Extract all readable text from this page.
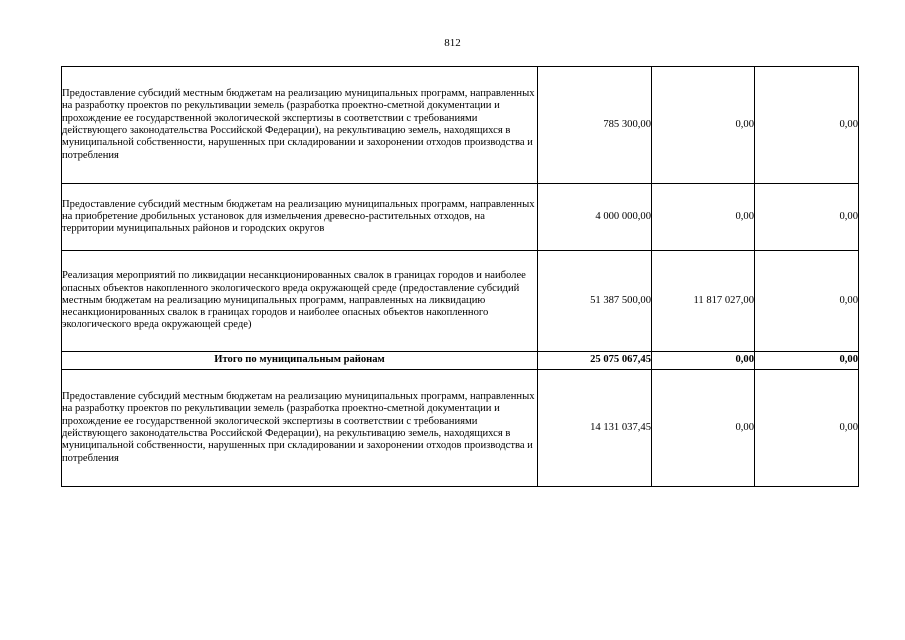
812
Предоставление субсидий местным бюджетам на реализацию муниципальных программ, направленных на разработку проектов по рекультивации земель (разработка проектно-сметной документации и прохождение ее государственной экологической экспертизы в соответствии с требованиями действующего законодательства Российской Федерации), на рекультивацию земель, находящихся в муниципальной собственности, нарушенных при складировании и захоронении отходов производства и потребления	785 300,00	0,00	0,00
Предоставление субсидий местным бюджетам на реализацию муниципальных программ, направленных на приобретение дробильных установок для измельчения древесно-растительных отходов, на территории муниципальных районов и городских округов	4 000 000,00	0,00	0,00
Реализация мероприятий по ликвидации несанкционированных свалок в границах городов и наиболее опасных объектов накопленного экологического вреда окружающей среде (предоставление субсидий местным бюджетам на реализацию муниципальных программ, направленных на ликвидацию несанкционированных свалок в границах городов и наиболее опасных объектов накопленного экологического вреда окружающей среде)	51 387 500,00	11 817 027,00	0,00
Итого по муниципальным районам	25 075 067,45	0,00	0,00
Предоставление субсидий местным бюджетам на реализацию муниципальных программ, направленных на разработку проектов по рекультивации земель (разработка проектно-сметной документации и прохождение ее государственной экологической экспертизы в соответствии с требованиями действующего законодательства Российской Федерации), на рекультивацию земель, находящихся в муниципальной собственности, нарушенных при складировании и захоронении отходов производства и потребления	14 131 037,45	0,00	0,00
